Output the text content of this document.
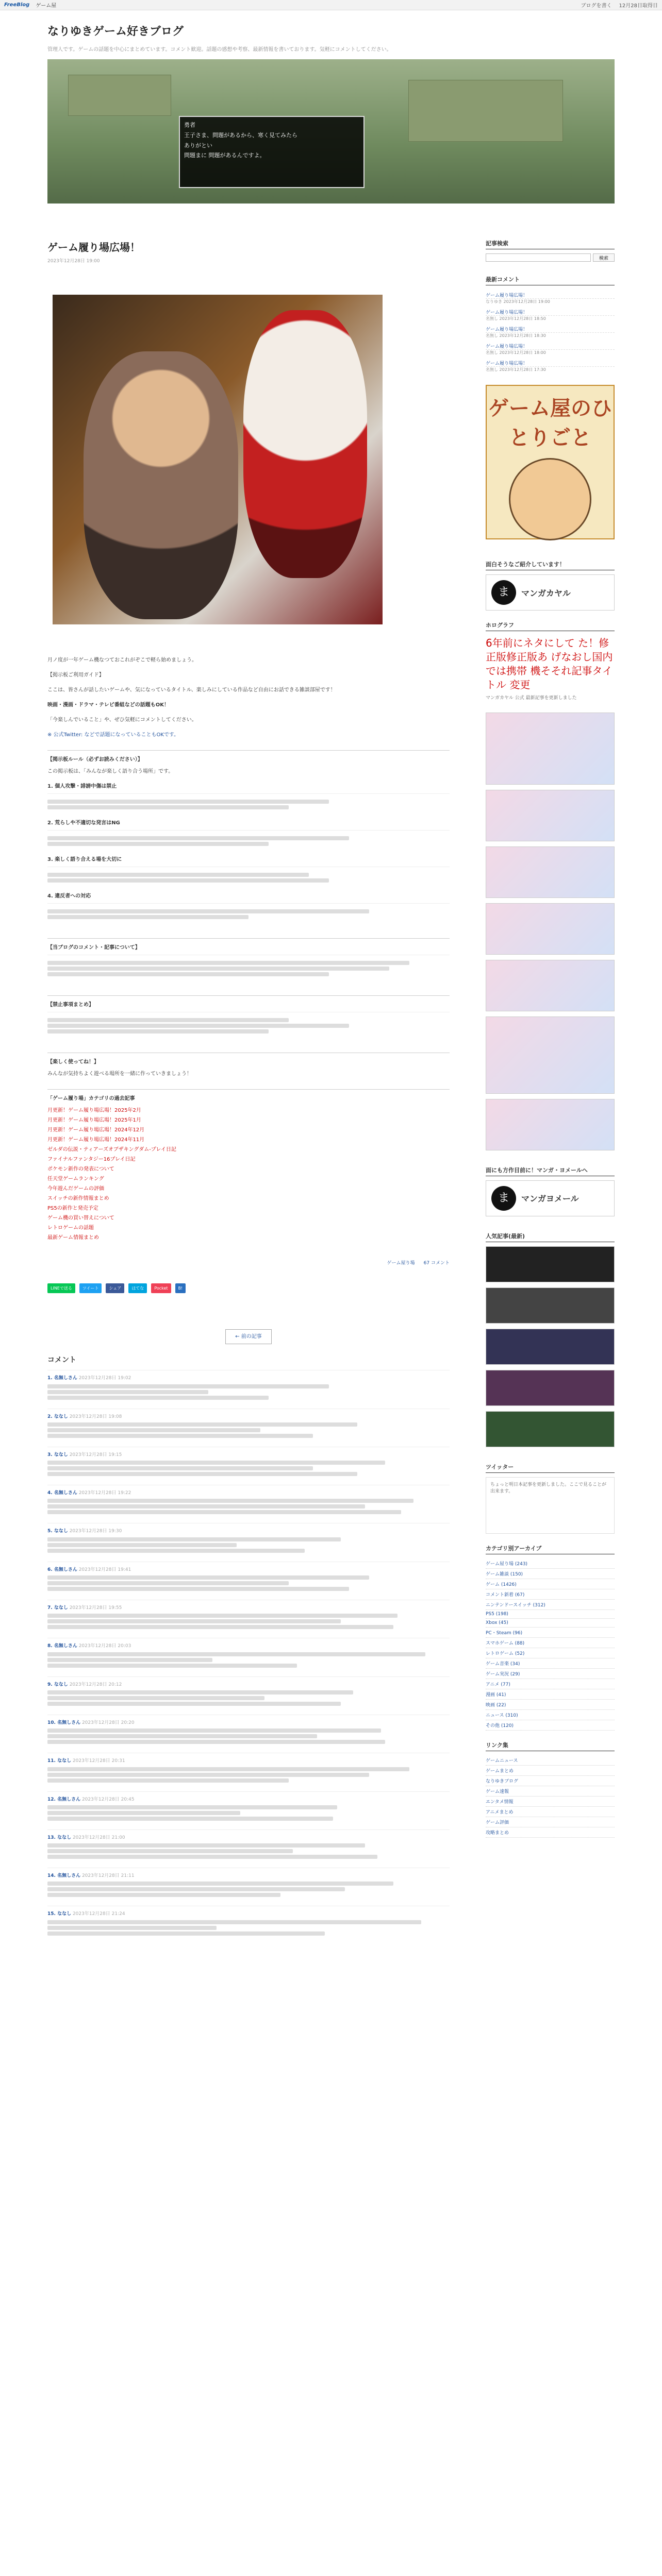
FreeBlog ゲーム屋	ブログを書く 12月28日取得日
なりゆきゲーム好きブログ
管理人です。ゲームの話題を中心にまとめています。コメント歓迎。話題の感想や考察、最新情報を書いております。気軽にコメントしてください。
勇者
王子さま、問題があるから、寒く見てみたら
ありがとい
問題まに 問題があるんですよ。
ゲーム履り場広場！
2023年12月28日 19:00

月ノ度が一年ゲーム機なつておこれがぞこで軽ら始めましょう。

【掲示板ご利用ガイド】

ここは、皆さんが話したいゲームや、気になっているタイトル、楽しみにしている作品など自由にお話できる雑談部屋です！

映画・漫画・ドラマ・テレビ番組などの話題もOK！

「今楽しんでいること」や、ぜひ気軽にコメントしてください。

※ 公式Twitter: などで話題になっていることもOKです。

【掲示板ルール（必ずお読みください）】

この掲示板は、「みんなが楽しく語り合う場所」です。

1. 個人攻撃・誹謗中傷は禁止
2. 荒らしや不適切な発言はNG
3. 楽しく語り合える場を大切に
4. 違反者への対応
【当ブログのコメント・記事について】
【禁止事項まとめ】
【楽しく使ってね！】

みんなが気持ちよく遊べる場所を一緒に作っていきましょう！

「ゲーム履り場」カテゴリの過去記事
月更新！ゲーム履り場広場！2025年2月
月更新！ゲーム履り場広場！2025年1月
月更新！ゲーム履り場広場！2024年12月
月更新！ゲーム履り場広場！2024年11月
ゼルダの伝説・ティアーズオブザキングダム-プレイ日記
ファイナルファンタジー16プレイ日記
ポケモン新作の発表について
任天堂ゲームランキング
今年遊んだゲームの評価
スイッチの新作情報まとめ
PS5の新作と発売予定
ゲーム機の買い替えについて
レトロゲームの話題
最新ゲーム情報まとめ
ゲーム屋り場 67 コメント
LINEで送る	ツイート	シェア	はてな	Pocket	B!
← 前の記事
コメント
1. 名無しさん 2023年12月28日 19:02
2. ななし 2023年12月28日 19:08
3. ななし 2023年12月28日 19:15
4. 名無しさん 2023年12月28日 19:22
5. ななし 2023年12月28日 19:30
6. 名無しさん 2023年12月28日 19:41
7. ななし 2023年12月28日 19:55
8. 名無しさん 2023年12月28日 20:03
9. ななし 2023年12月28日 20:12
10. 名無しさん 2023年12月28日 20:20
11. ななし 2023年12月28日 20:31
12. 名無しさん 2023年12月28日 20:45
13. ななし 2023年12月28日 21:00
14. 名無しさん 2023年12月28日 21:11
15. ななし 2023年12月28日 21:24
記事検索
検索
最新コメント
ゲーム履り場広場！
なりゆき 2023年12月28日 19:00
ゲーム履り場広場！
名無し 2023年12月28日 18:50
ゲーム履り場広場！
名無し 2023年12月28日 18:30
ゲーム履り場広場！
名無し 2023年12月28日 18:00
ゲーム履り場広場！
名無し 2023年12月28日 17:30
ゲーム屋のひとりごと
面白そうなご紹介しています！
ま	マンガカヤル
ホログラフ
6年前にネタにして た！修正版修正版あ げなおし国内では携帯 機そそれ記事タイトル 変更
マンガカヤル 公式 最新記事を更新しました
面にも方作目前に！マンガ・ヨメールへ
ま	マンガヨメール
人気記事(最新)
ツイッター
ちょっと明日本記事を更新しました。ここで見ることが出来ます。
カテゴリ別アーカイブ
ゲーム屋り場 (243)
ゲーム雑談 (150)
ゲーム (1426)
コメント新着 (67)
ニンテンドースイッチ (312)
PS5 (198)
Xbox (45)
PC・Steam (96)
スマホゲーム (88)
レトロゲーム (52)
ゲーム音楽 (34)
ゲーム実況 (29)
アニメ (77)
漫画 (41)
映画 (22)
ニュース (310)
その他 (120)
リンク集
ゲームニュース
ゲームまとめ
なりゆきブログ
ゲーム速報
エンタメ情報
アニメまとめ
ゲーム評価
攻略まとめ
